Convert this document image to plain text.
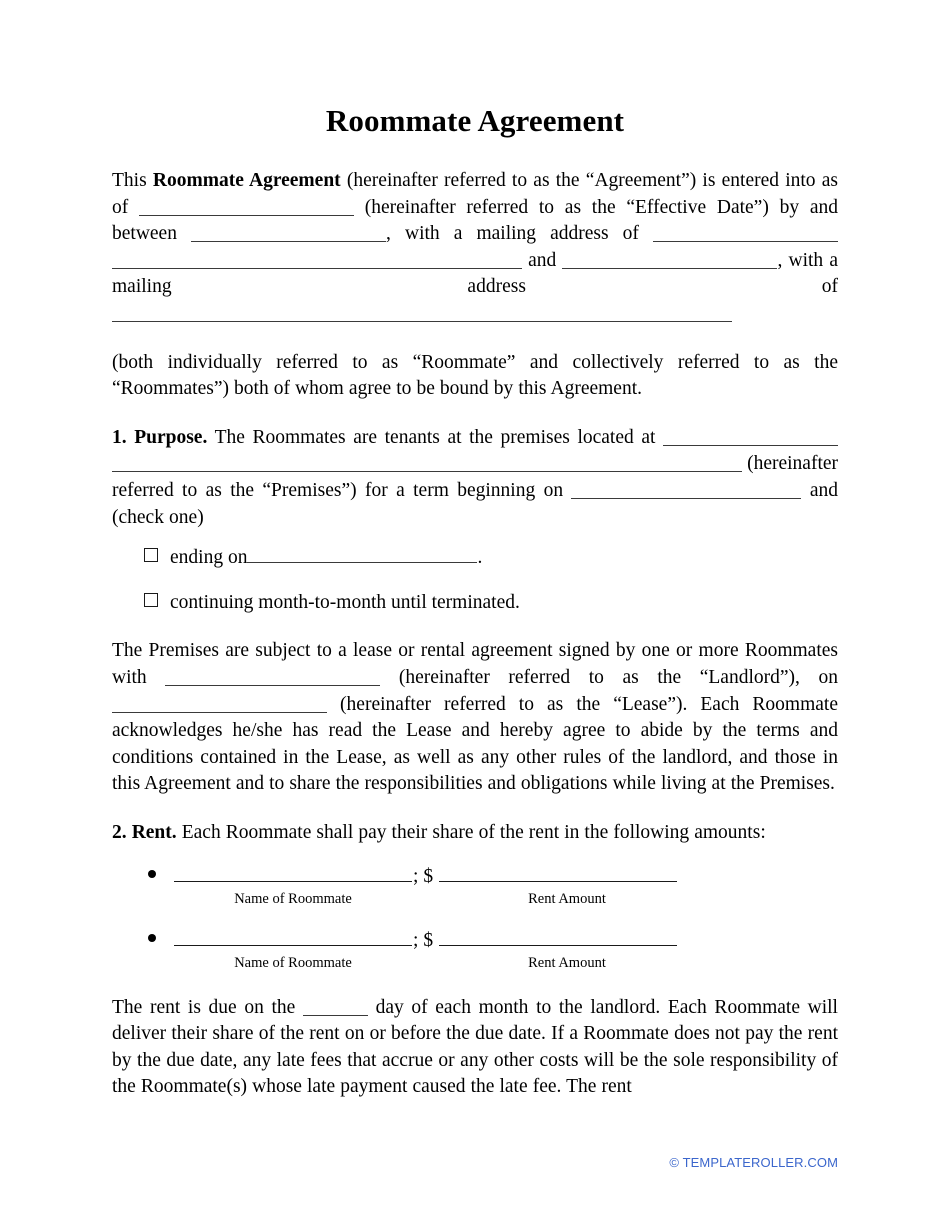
Roommate Agreement

This Roommate Agreement (hereinafter referred to as the “Agreement”) is entered into as of	(hereinafter referred to as the “Effective Date”) by and between	, with a mailing address of  and	, with a mailing address of

(both individually referred to as “Roommate” and collectively referred to as the “Roommates”) both of whom agree to be bound by this Agreement.

1. Purpose. The Roommates are tenants at the premises located at  (hereinafter referred to as the “Premises”) for a term beginning on	and (check one)

ending on	.
continuing month-to-month until terminated.

The Premises are subject to a lease or rental agreement signed by one or more Roommates with	(hereinafter referred to as the “Landlord”), on  (hereinafter referred to as the “Lease”). Each Roommate acknowledges he/she has read the Lease and hereby agree to abide by the terms and conditions contained in the Lease, as well as any other rules of the landlord, and those in this Agreement and to share the responsibilities and obligations while living at the Premises.

2. Rent. Each Roommate shall pay their share of the rent in the following amounts:

; $
Name of Roommate	Rent Amount
; $
Name of Roommate	Rent Amount

The rent is due on the	day of each month to the landlord. Each Roommate will deliver their share of the rent on or before the due date. If a Roommate does not pay the rent by the due date, any late fees that accrue or any other costs will be the sole responsibility of the Roommate(s) whose late payment caused the late fee. The rent

© TEMPLATEROLLER.COM
